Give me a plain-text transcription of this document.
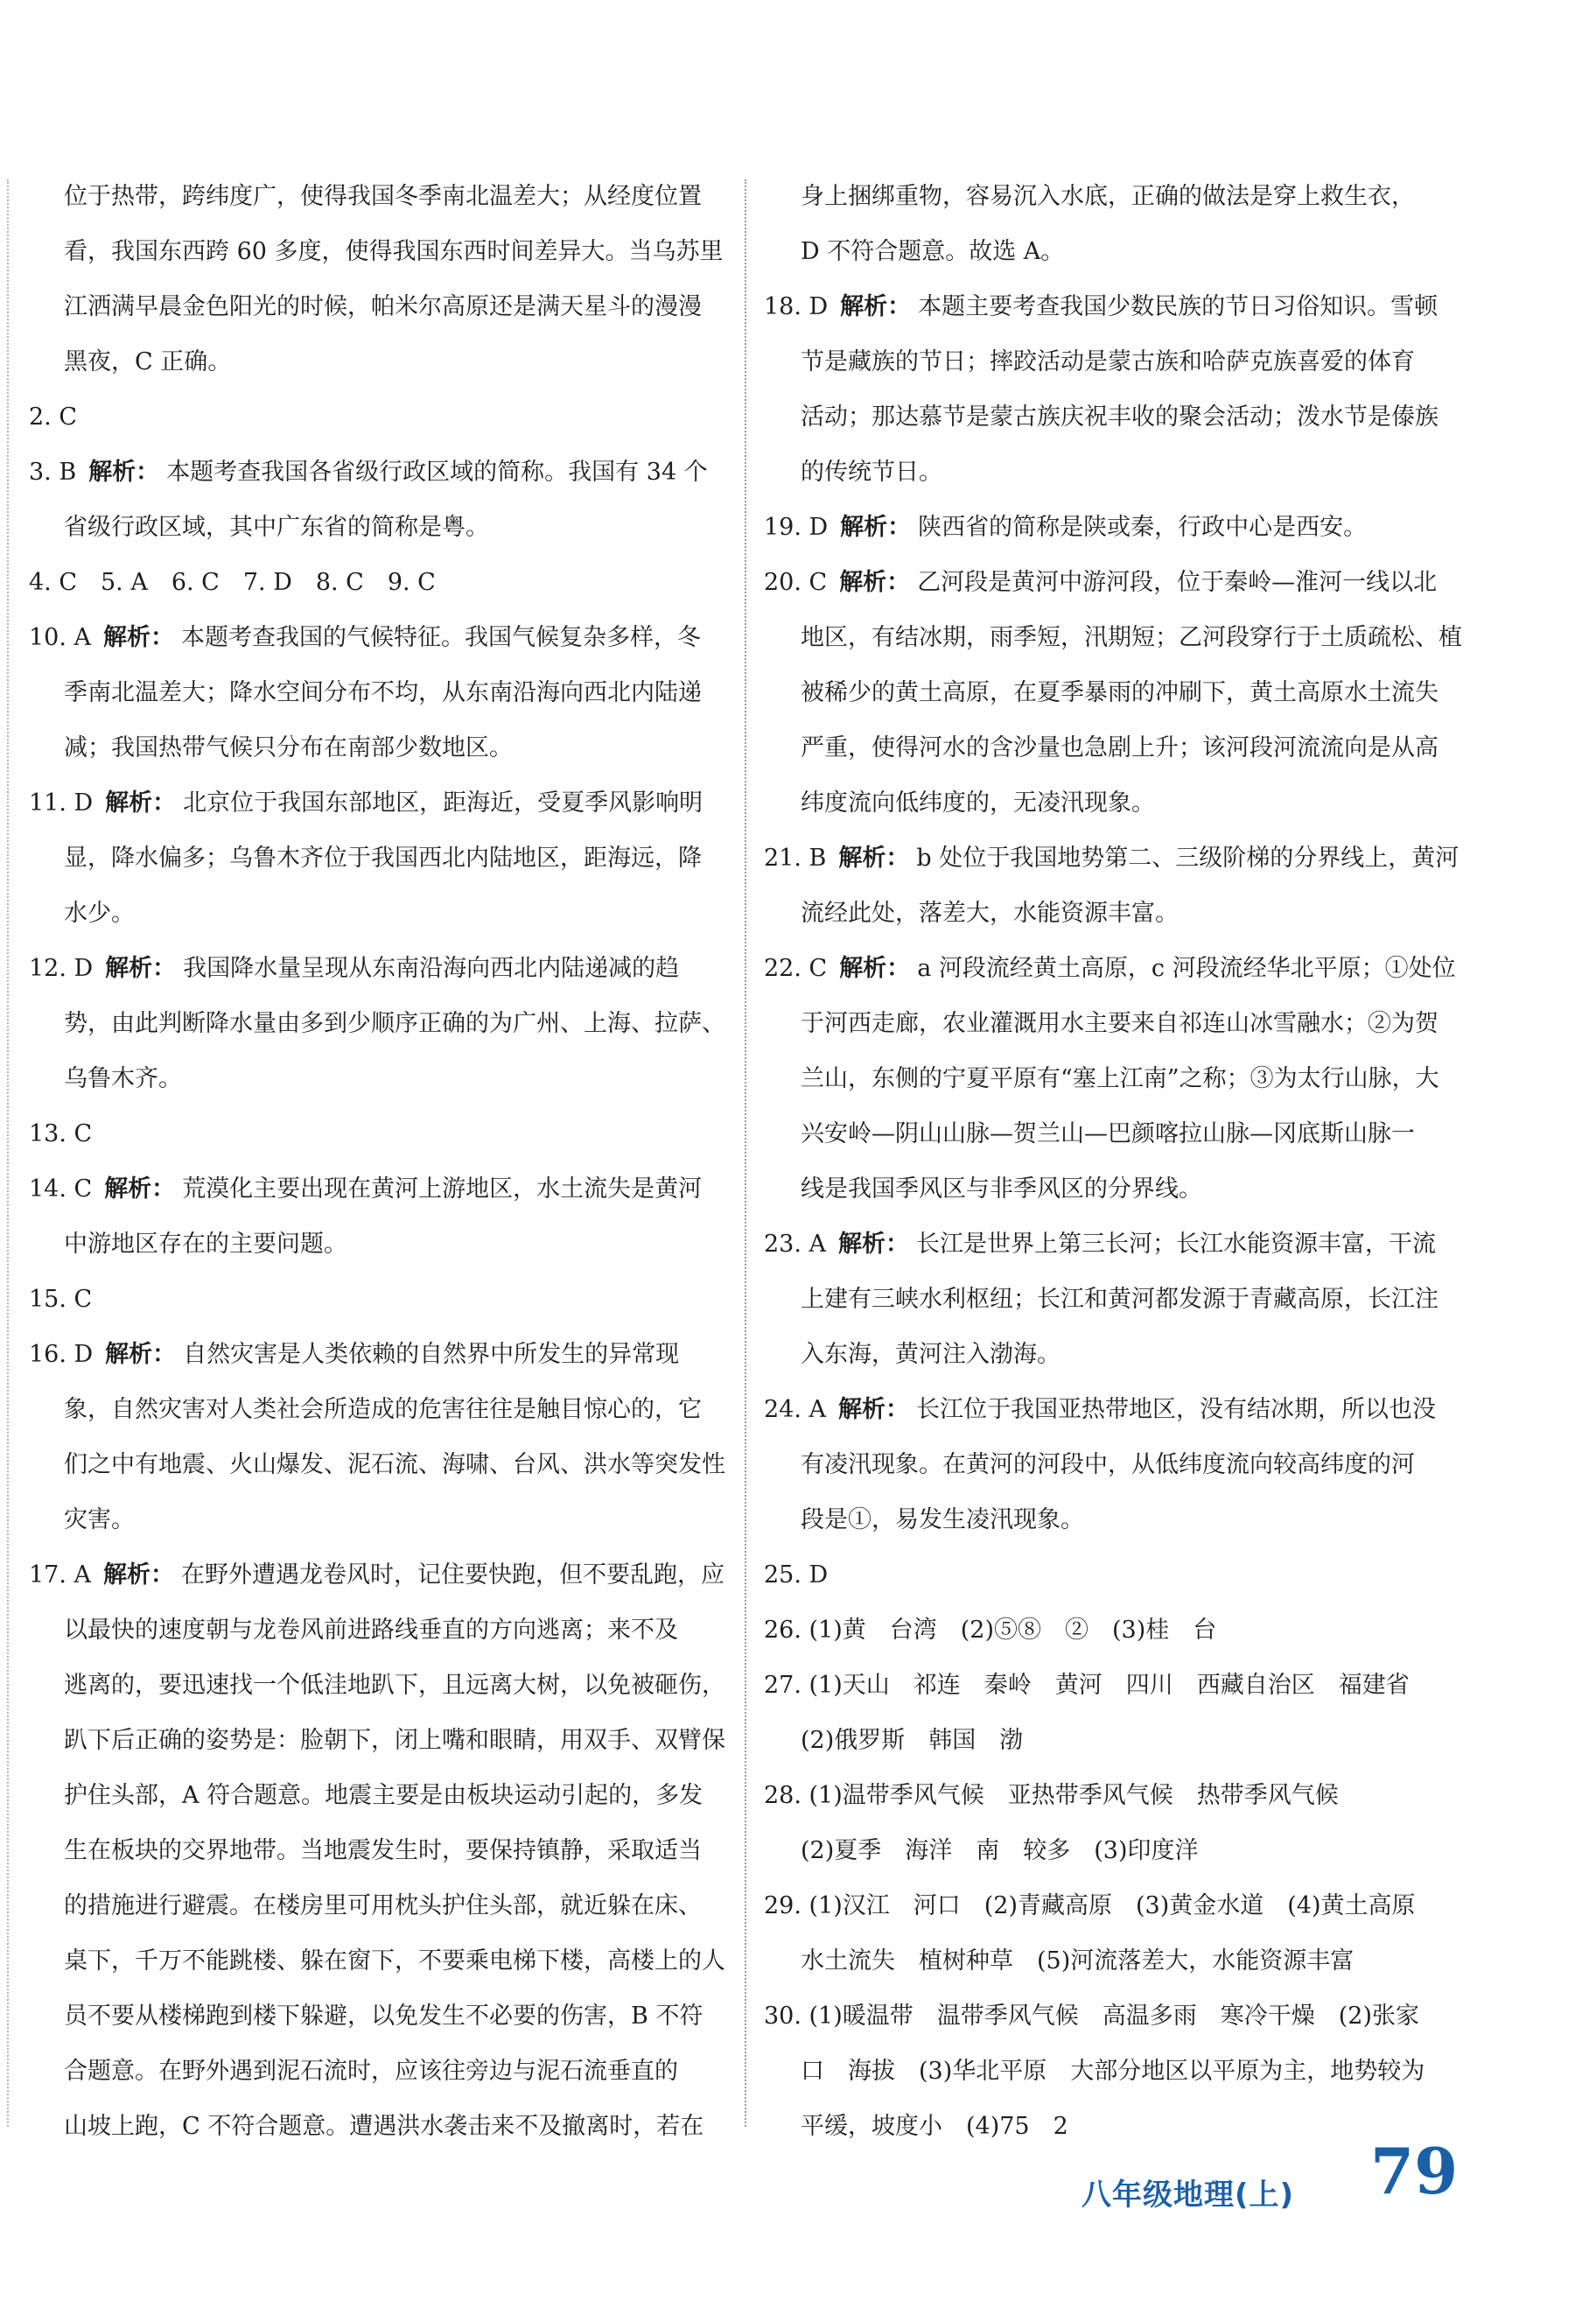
位于热带，跨纬度广，使得我国冬季南北温差大；从经度位置
看，我国东西跨 60 多度，使得我国东西时间差异大。当乌苏里
江洒满早晨金色阳光的时候，帕米尔高原还是满天星斗的漫漫
黑夜，C 正确。
2. C
3. B 解析： 本题考查我国各省级行政区域的简称。我国有 34 个
省级行政区域，其中广东省的简称是粤。
4. C　5. A　6. C　7. D　8. C　9. C
10. A 解析： 本题考查我国的气候特征。我国气候复杂多样，冬
季南北温差大；降水空间分布不均，从东南沿海向西北内陆递
减；我国热带气候只分布在南部少数地区。
11. D 解析： 北京位于我国东部地区，距海近，受夏季风影响明
显，降水偏多；乌鲁木齐位于我国西北内陆地区，距海远，降
水少。
12. D 解析： 我国降水量呈现从东南沿海向西北内陆递减的趋
势，由此判断降水量由多到少顺序正确的为广州、上海、拉萨、
乌鲁木齐。
13. C
14. C 解析： 荒漠化主要出现在黄河上游地区，水土流失是黄河
中游地区存在的主要问题。
15. C
16. D 解析： 自然灾害是人类依赖的自然界中所发生的异常现
象，自然灾害对人类社会所造成的危害往往是触目惊心的，它
们之中有地震、火山爆发、泥石流、海啸、台风、洪水等突发性
灾害。
17. A 解析： 在野外遭遇龙卷风时，记住要快跑，但不要乱跑，应
以最快的速度朝与龙卷风前进路线垂直的方向逃离；来不及
逃离的，要迅速找一个低洼地趴下，且远离大树，以免被砸伤，
趴下后正确的姿势是：脸朝下，闭上嘴和眼睛，用双手、双臂保
护住头部，A 符合题意。地震主要是由板块运动引起的，多发
生在板块的交界地带。当地震发生时，要保持镇静，采取适当
的措施进行避震。在楼房里可用枕头护住头部，就近躲在床、
桌下，千万不能跳楼、躲在窗下，不要乘电梯下楼，高楼上的人
员不要从楼梯跑到楼下躲避，以免发生不必要的伤害，B 不符
合题意。在野外遇到泥石流时，应该往旁边与泥石流垂直的
山坡上跑，C 不符合题意。遭遇洪水袭击来不及撤离时，若在
身上捆绑重物，容易沉入水底，正确的做法是穿上救生衣，
D 不符合题意。故选 A。
18. D 解析： 本题主要考查我国少数民族的节日习俗知识。雪顿
节是藏族的节日；摔跤活动是蒙古族和哈萨克族喜爱的体育
活动；那达慕节是蒙古族庆祝丰收的聚会活动；泼水节是傣族
的传统节日。
19. D 解析： 陕西省的简称是陕或秦，行政中心是西安。
20. C 解析： 乙河段是黄河中游河段，位于秦岭—淮河一线以北
地区，有结冰期，雨季短，汛期短；乙河段穿行于土质疏松、植
被稀少的黄土高原，在夏季暴雨的冲刷下，黄土高原水土流失
严重，使得河水的含沙量也急剧上升；该河段河流流向是从高
纬度流向低纬度的，无凌汛现象。
21. B 解析： b 处位于我国地势第二、三级阶梯的分界线上，黄河
流经此处，落差大，水能资源丰富。
22. C 解析： a 河段流经黄土高原，c 河段流经华北平原；①处位
于河西走廊，农业灌溉用水主要来自祁连山冰雪融水；②为贺
兰山，东侧的宁夏平原有“塞上江南”之称；③为太行山脉，大
兴安岭—阴山山脉—贺兰山—巴颜喀拉山脉—冈底斯山脉一
线是我国季风区与非季风区的分界线。
23. A 解析： 长江是世界上第三长河；长江水能资源丰富，干流
上建有三峡水利枢纽；长江和黄河都发源于青藏高原，长江注
入东海，黄河注入渤海。
24. A 解析： 长江位于我国亚热带地区，没有结冰期，所以也没
有凌汛现象。在黄河的河段中，从低纬度流向较高纬度的河
段是①，易发生凌汛现象。
25. D
26. (1)黄　台湾　(2)⑤⑧　②　(3)桂　台
27. (1)天山　祁连　秦岭　黄河　四川　西藏自治区　福建省
(2)俄罗斯　韩国　渤
28. (1)温带季风气候　亚热带季风气候　热带季风气候
(2)夏季　海洋　南　较多　(3)印度洋
29. (1)汉江　河口　(2)青藏高原　(3)黄金水道　(4)黄土高原
水土流失　植树种草　(5)河流落差大，水能资源丰富
30. (1)暖温带　温带季风气候　高温多雨　寒冷干燥　(2)张家
口　海拔　(3)华北平原　大部分地区以平原为主，地势较为
平缓，坡度小　(4)75　2
八年级地理(上) 79
